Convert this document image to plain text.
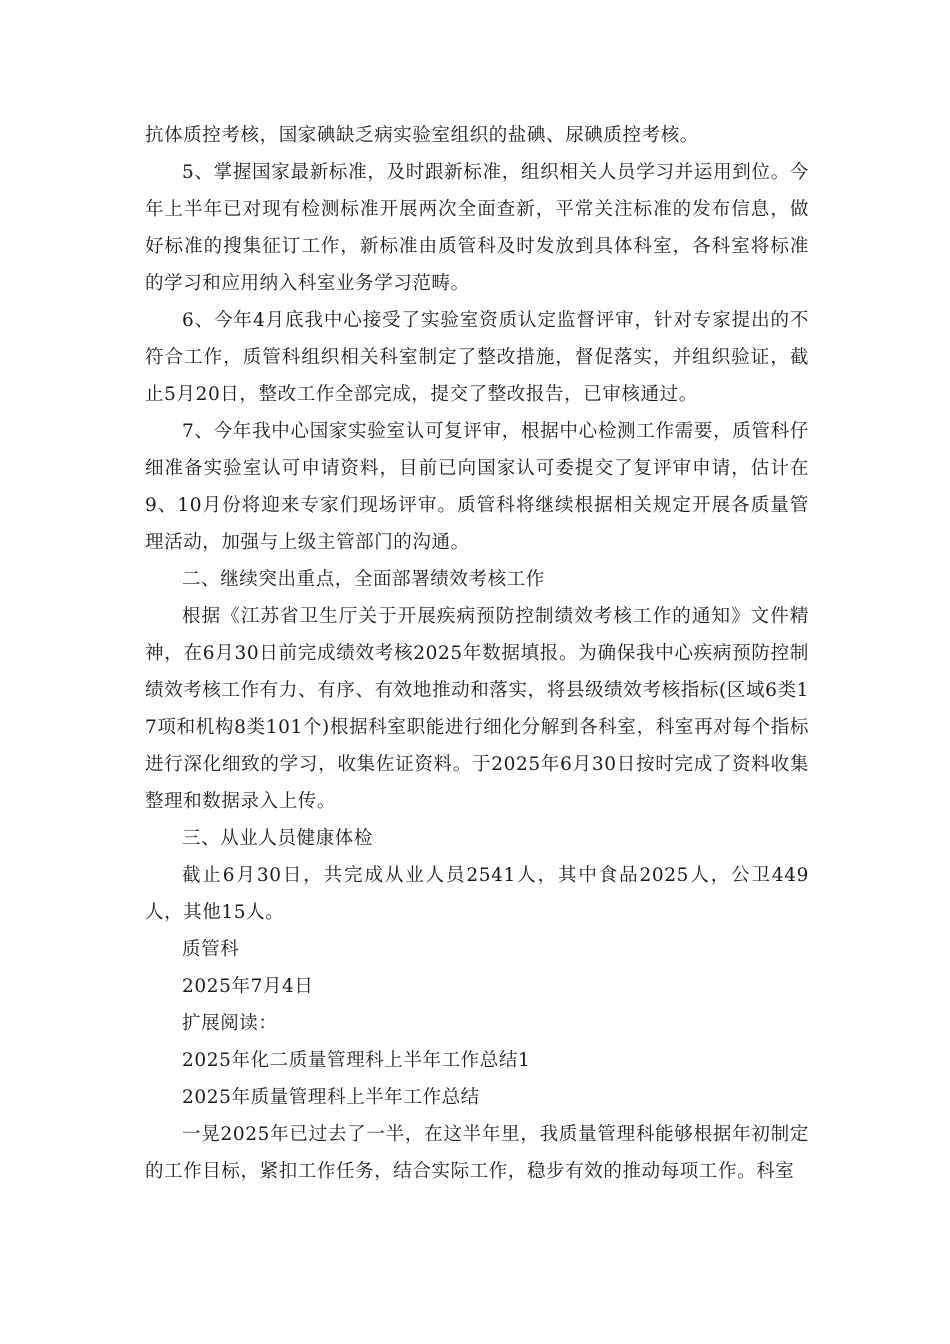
抗体质控考核，国家碘缺乏病实验室组织的盐碘、尿碘质控考核。

5、掌握国家最新标准，及时跟新标准，组织相关人员学习并运用到位。今年上半年已对现有检测标准开展两次全面查新，平常关注标准的发布信息，做好标准的搜集征订工作，新标准由质管科及时发放到具体科室，各科室将标准的学习和应用纳入科室业务学习范畴。

6、今年4月底我中心接受了实验室资质认定监督评审，针对专家提出的不符合工作，质管科组织相关科室制定了整改措施，督促落实，并组织验证，截止5月20日，整改工作全部完成，提交了整改报告，已审核通过。

7、今年我中心国家实验室认可复评审，根据中心检测工作需要，质管科仔细准备实验室认可申请资料，目前已向国家认可委提交了复评审申请，估计在9、10月份将迎来专家们现场评审。质管科将继续根据相关规定开展各质量管理活动，加强与上级主管部门的沟通。

二、继续突出重点，全面部署绩效考核工作

根据《江苏省卫生厅关于开展疾病预防控制绩效考核工作的通知》文件精神，在6月30日前完成绩效考核2025年数据填报。为确保我中心疾病预防控制绩效考核工作有力、有序、有效地推动和落实，将县级绩效考核指标(区域6类17项和机构8类101个)根据科室职能进行细化分解到各科室，科室再对每个指标进行深化细致的学习，收集佐证资料。于2025年6月30日按时完成了资料收集整理和数据录入上传。

三、从业人员健康体检

截止6月30日，共完成从业人员2541人，其中食品2025人，公卫449人，其他15人。

质管科

2025年7月4日

扩展阅读：

2025年化二质量管理科上半年工作总结1

2025年质量管理科上半年工作总结

一晃2025年已过去了一半，在这半年里，我质量管理科能够根据年初制定的工作目标，紧扣工作任务，结合实际工作，稳步有效的推动每项工作。科室
